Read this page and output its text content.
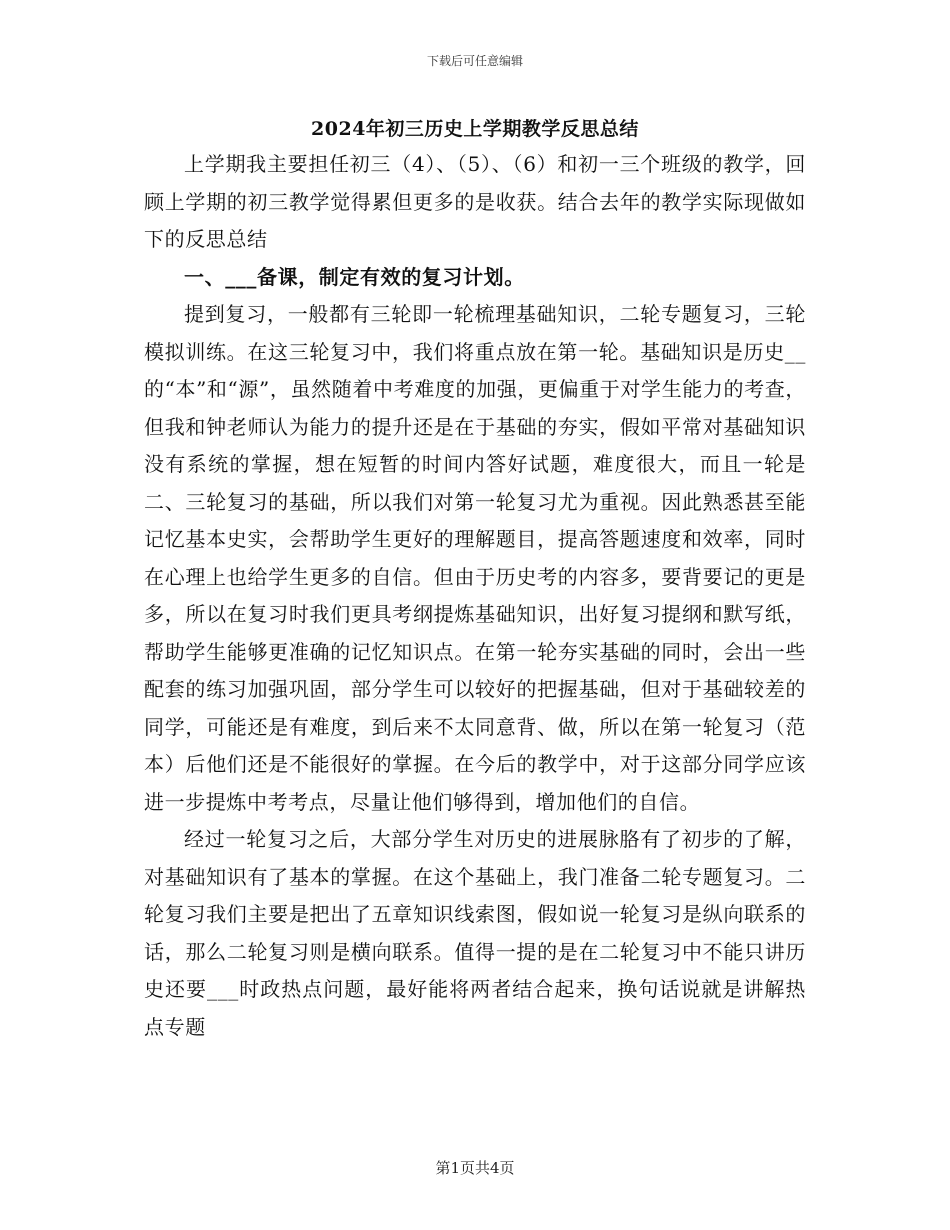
下载后可任意编辑
2024年初三历史上学期教学反思总结

上学期我主要担任初三（4）、（5）、（6）和初一三个班级的教学，回顾上学期的初三教学觉得累但更多的是收获。结合去年的教学实际现做如下的反思总结

一、___备课，制定有效的复习计划。

提到复习，一般都有三轮即一轮梳理基础知识，二轮专题复习，三轮模拟训练。在这三轮复习中，我们将重点放在第一轮。基础知识是历史__的“本”和“源”，虽然随着中考难度的加强，更偏重于对学生能力的考查，但我和钟老师认为能力的提升还是在于基础的夯实，假如平常对基础知识没有系统的掌握，想在短暂的时间内答好试题，难度很大，而且一轮是二、三轮复习的基础，所以我们对第一轮复习尤为重视。因此熟悉甚至能记忆基本史实，会帮助学生更好的理解题目，提高答题速度和效率，同时在心理上也给学生更多的自信。但由于历史考的内容多，要背要记的更是多，所以在复习时我们更具考纲提炼基础知识，出好复习提纲和默写纸，帮助学生能够更准确的记忆知识点。在第一轮夯实基础的同时，会出一些配套的练习加强巩固，部分学生可以较好的把握基础，但对于基础较差的同学，可能还是有难度，到后来不太同意背、做，所以在第一轮复习（范本）后他们还是不能很好的掌握。在今后的教学中，对于这部分同学应该进一步提炼中考考点，尽量让他们够得到，增加他们的自信。

经过一轮复习之后，大部分学生对历史的进展脉胳有了初步的了解，对基础知识有了基本的掌握。在这个基础上，我门准备二轮专题复习。二轮复习我们主要是把出了五章知识线索图，假如说一轮复习是纵向联系的话，那么二轮复习则是横向联系。值得一提的是在二轮复习中不能只讲历史还要___时政热点问题，最好能将两者结合起来，换句话说就是讲解热点专题

第1页共4页
